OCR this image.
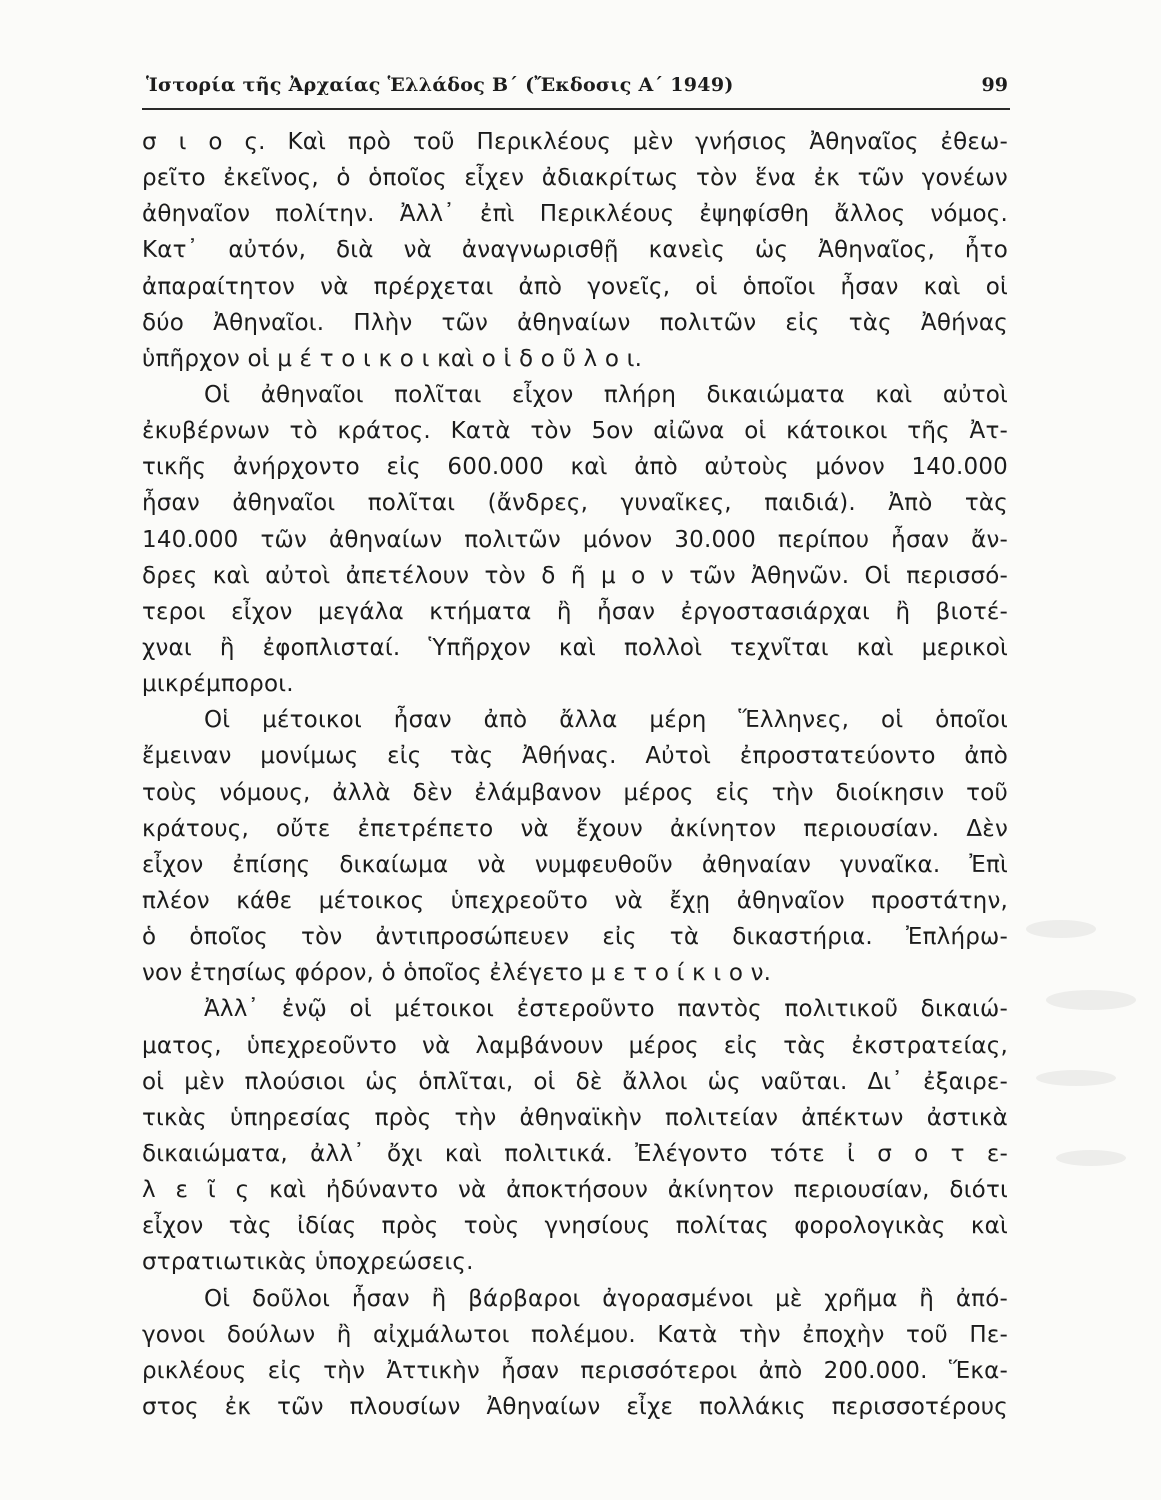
Ἱστορία τῆς Ἀρχαίας Ἑλλάδος Β΄ (Ἔκδοσις Α΄ 1949)	99
σ ι ο ς. Καὶ πρὸ τοῦ Περικλέους μὲν γνήσιος Ἀθηναῖος ἐθεω-
ρεῖτο ἐκεῖνος, ὁ ὁποῖος εἶχεν ἀδιακρίτως τὸν ἕνα ἐκ τῶν γονέων
ἀθηναῖον πολίτην. Ἀλλ᾽ ἐπὶ Περικλέους ἐψηφίσθη ἄλλος νόμος.
Κατ᾽ αὐτόν, διὰ νὰ ἀναγνωρισθῇ κανεὶς ὡς Ἀθηναῖος, ἦτο
ἀπαραίτητον νὰ πρέρχεται ἀπὸ γονεῖς, οἱ ὁποῖοι ἦσαν καὶ οἱ
δύο Ἀθηναῖοι. Πλὴν τῶν ἀθηναίων πολιτῶν εἰς τὰς Ἀθήνας
ὑπῆρχον οἱ μ έ τ ο ι κ ο ι καὶ ο ἱ δ ο ῦ λ ο ι.
Οἱ ἀθηναῖοι πολῖται εἶχον πλήρη δικαιώματα καὶ αὐτοὶ
ἐκυβέρνων τὸ κράτος. Κατὰ τὸν 5ον αἰῶνα οἱ κάτοικοι τῆς Ἀτ-
τικῆς ἀνήρχοντο εἰς 600.000 καὶ ἀπὸ αὐτοὺς μόνον 140.000
ἦσαν ἀθηναῖοι πολῖται (ἄνδρες, γυναῖκες, παιδιά). Ἀπὸ τὰς
140.000 τῶν ἀθηναίων πολιτῶν μόνον 30.000 περίπου ἦσαν ἄν-
δρες καὶ αὐτοὶ ἀπετέλουν τὸν δ ῆ μ ο ν τῶν Ἀθηνῶν. Οἱ περισσό-
τεροι εἶχον μεγάλα κτήματα ἢ ἦσαν ἐργοστασιάρχαι ἢ βιοτέ-
χναι ἢ ἐφοπλισταί. Ὑπῆρχον καὶ πολλοὶ τεχνῖται καὶ μερικοὶ
μικρέμποροι.
Οἱ μέτοικοι ἦσαν ἀπὸ ἄλλα μέρη Ἕλληνες, οἱ ὁποῖοι
ἔμειναν μονίμως εἰς τὰς Ἀθήνας. Αὐτοὶ ἐπροστατεύοντο ἀπὸ
τοὺς νόμους, ἀλλὰ δὲν ἐλάμβανον μέρος εἰς τὴν διοίκησιν τοῦ
κράτους, οὔτε ἐπετρέπετο νὰ ἔχουν ἀκίνητον περιουσίαν. Δὲν
εἶχον ἐπίσης δικαίωμα νὰ νυμφευθοῦν ἀθηναίαν γυναῖκα. Ἐπὶ
πλέον κάθε μέτοικος ὑπεχρεοῦτο νὰ ἔχῃ ἀθηναῖον προστάτην,
ὁ ὁποῖος τὸν ἀντιπροσώπευεν εἰς τὰ δικαστήρια. Ἐπλήρω-
νον ἐτησίως φόρον, ὁ ὁποῖος ἐλέγετο μ ε τ ο ί κ ι ο ν.
Ἀλλ᾽ ἐνῷ οἱ μέτοικοι ἐστεροῦντο παντὸς πολιτικοῦ δικαιώ-
ματος, ὑπεχρεοῦντο νὰ λαμβάνουν μέρος εἰς τὰς ἐκστρατείας,
οἱ μὲν πλούσιοι ὡς ὁπλῖται, οἱ δὲ ἄλλοι ὡς ναῦται. Δι᾽ ἐξαιρε-
τικὰς ὑπηρεσίας πρὸς τὴν ἀθηναϊκὴν πολιτείαν ἀπέκτων ἀστικὰ
δικαιώματα, ἀλλ᾽ ὄχι καὶ πολιτικά. Ἐλέγοντο τότε ἰ σ ο τ ε-
λ ε ῖ ς καὶ ἠδύναντο νὰ ἀποκτήσουν ἀκίνητον περιουσίαν, διότι
εἶχον τὰς ἰδίας πρὸς τοὺς γνησίους πολίτας φορολογικὰς καὶ
στρατιωτικὰς ὑποχρεώσεις.
Οἱ δοῦλοι ἦσαν ἢ βάρβαροι ἀγορασμένοι μὲ χρῆμα ἢ ἀπό-
γονοι δούλων ἢ αἰχμάλωτοι πολέμου. Κατὰ τὴν ἐποχὴν τοῦ Πε-
ρικλέους εἰς τὴν Ἀττικὴν ἦσαν περισσότεροι ἀπὸ 200.000. Ἕκα-
στος ἐκ τῶν πλουσίων Ἀθηναίων εἶχε πολλάκις περισσοτέρους
